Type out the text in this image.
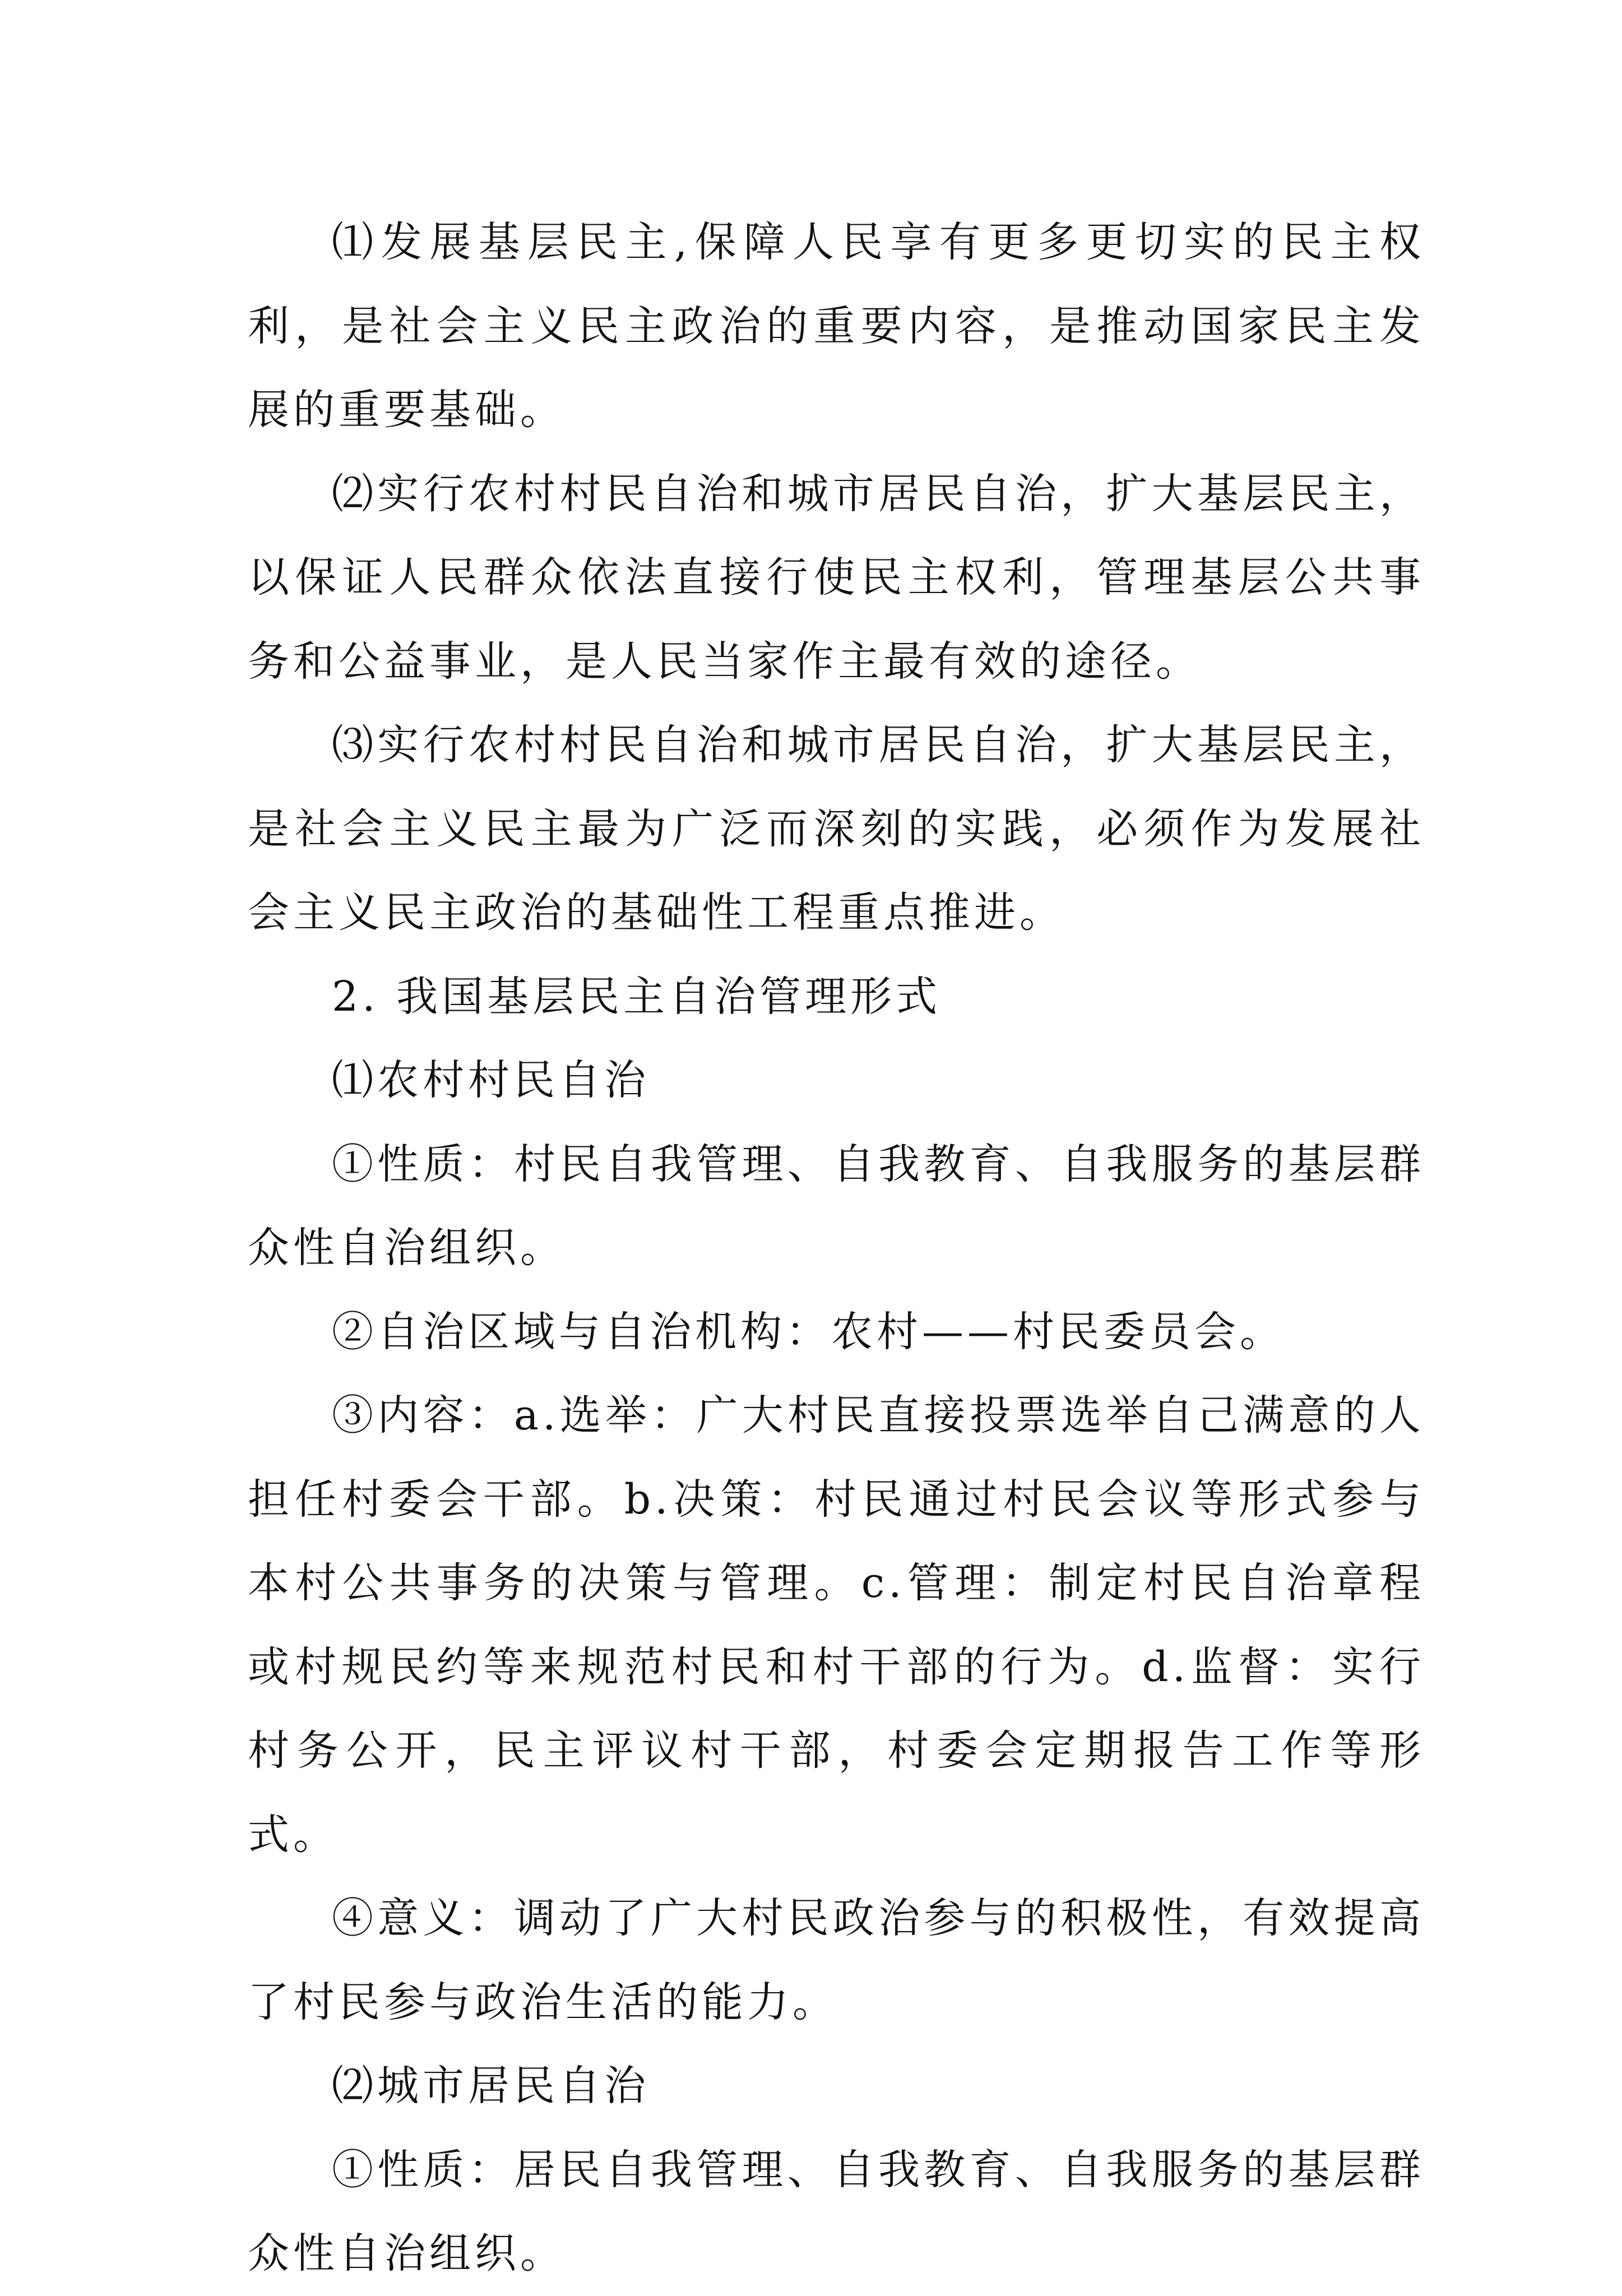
⑴发展基层民主,保障人民享有更多更切实的民主权利，是社会主义民主政治的重要内容，是推动国家民主发展的重要基础。

⑵实行农村村民自治和城市居民自治，扩大基层民主，以保证人民群众依法直接行使民主权利，管理基层公共事务和公益事业，是人民当家作主最有效的途径。

⑶实行农村村民自治和城市居民自治，扩大基层民主，是社会主义民主最为广泛而深刻的实践，必须作为发展社会主义民主政治的基础性工程重点推进。

2. 我国基层民主自治管理形式

⑴农村村民自治

①性质：村民自我管理、自我教育、自我服务的基层群众性自治组织。

②自治区域与自治机构：农村——村民委员会。

③内容：a.选举：广大村民直接投票选举自己满意的人担任村委会干部。b.决策：村民通过村民会议等形式参与本村公共事务的决策与管理。c.管理：制定村民自治章程或村规民约等来规范村民和村干部的行为。d.监督：实行村务公开，民主评议村干部，村委会定期报告工作等形式。

④意义：调动了广大村民政治参与的积极性，有效提高了村民参与政治生活的能力。

⑵城市居民自治

①性质：居民自我管理、自我教育、自我服务的基层群众性自治组织。
